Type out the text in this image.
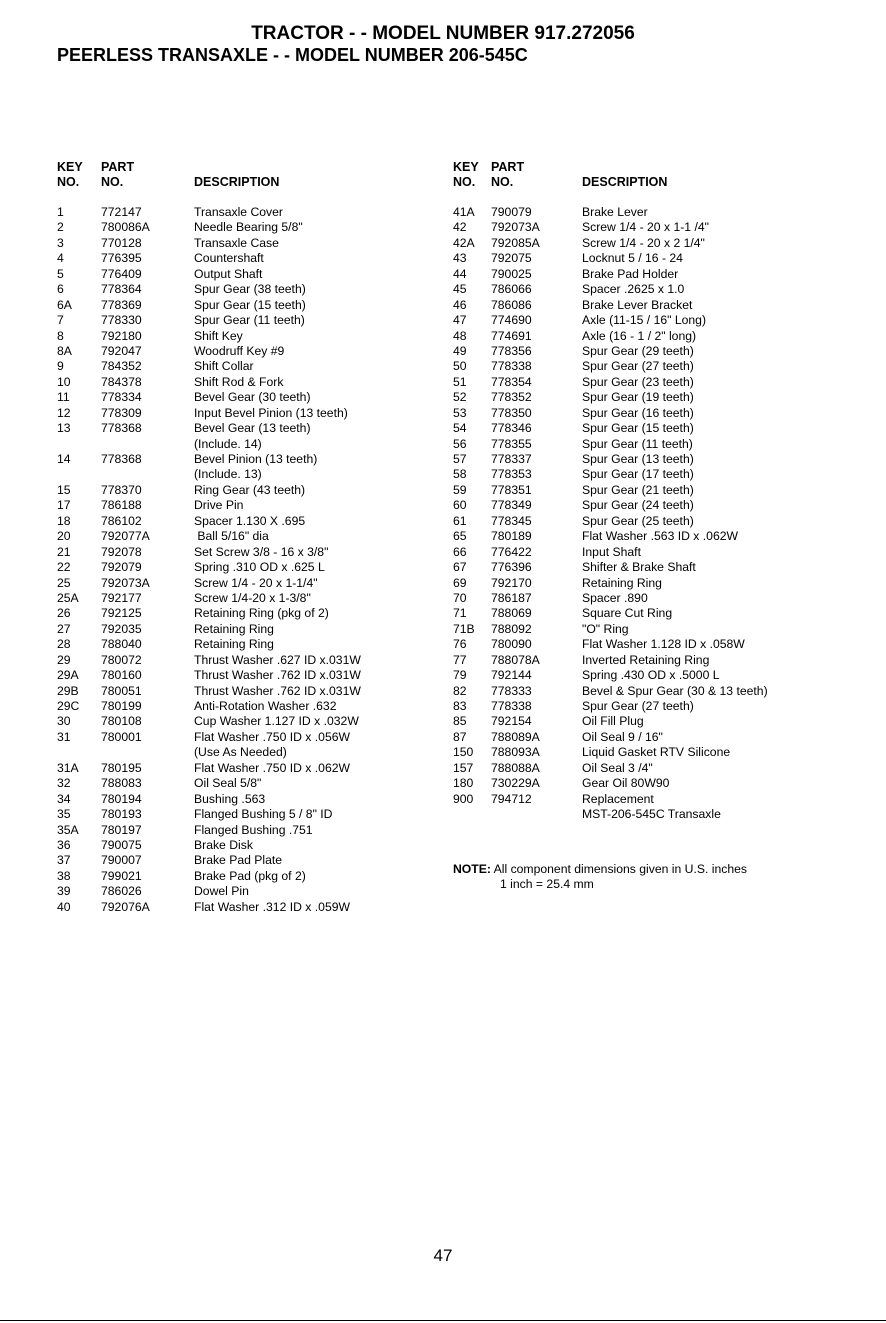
TRACTOR - - MODEL NUMBER 917.272056
PEERLESS TRANSAXLE - - MODEL NUMBER 206-545C
KEY
NO.
PART
NO.	DESCRIPTION
KEY
NO.
PART
NO.	DESCRIPTION
1	772147	Transaxle Cover
2	780086A	Needle Bearing 5/8"
3	770128	Transaxle Case
4	776395	Countershaft
5	776409	Output Shaft
6	778364	Spur Gear (38 teeth)
6A 778369	Spur Gear (15 teeth)
7	778330	Spur Gear (11 teeth)
8	792180	Shift Key
8A 792047	Woodruff Key #9
9	784352	Shift Collar
10 784378	Shift Rod & Fork
11	778334	Bevel Gear (30 teeth)
12 778309	Input Bevel Pinion (13 teeth)
13 778368	Bevel Gear (13 teeth)
(Include. 14)
14 778368	Bevel Pinion (13 teeth)
(Include. 13)
15 778370	Ring Gear (43 teeth)
17 786188	Drive Pin
18 786102	Spacer 1.130 X .695
20 792077A	Ball 5/16" dia
21 792078	Set Screw 3/8 - 16 x 3/8"
22 792079	Spring .310 OD x .625 L
25 792073A	Screw 1/4 - 20 x 1-1/4"
25A 792177	Screw 1/4-20 x 1-3/8"
26 792125	Retaining Ring (pkg of 2)
27 792035	Retaining Ring
28 788040	Retaining Ring
29 780072	Thrust Washer .627 ID x.031W
29A 780160	Thrust Washer .762 ID x.031W
29B 780051	Thrust Washer .762 ID x.031W
29C 780199	Anti-Rotation Washer .632
30 780108	Cup Washer 1.127 ID x .032W
31 780001	Flat Washer .750 ID x .056W
(Use As Needed)
31A 780195	Flat Washer .750 ID x .062W
32 788083	Oil Seal 5/8"
34 780194	Bushing .563
35 780193	Flanged Bushing 5 / 8" ID
35A 780197	Flanged Bushing .751
36 790075	Brake Disk
37 790007	Brake Pad Plate
38 799021	Brake Pad (pkg of 2)
39 786026	Dowel Pin
40 792076A	Flat Washer .312 ID x .059W
41A 790079	Brake Lever
42 792073A	Screw 1/4 - 20 x 1-1 /4"
42A 792085A	Screw 1/4 - 20 x 2 1/4"
43 792075	Locknut 5 / 16 - 24
44 790025	Brake Pad Holder
45 786066	Spacer .2625 x 1.0
46 786086	Brake Lever Bracket
47 774690	Axle (11-15 / 16" Long)
48 774691	Axle (16 - 1 / 2" long)
49 778356	Spur Gear (29 teeth)
50 778338	Spur Gear (27 teeth)
51 778354	Spur Gear (23 teeth)
52 778352	Spur Gear (19 teeth)
53 778350	Spur Gear (16 teeth)
54 778346	Spur Gear (15 teeth)
56 778355	Spur Gear (11 teeth)
57 778337	Spur Gear (13 teeth)
58 778353	Spur Gear (17 teeth)
59 778351	Spur Gear (21 teeth)
60 778349	Spur Gear (24 teeth)
61 778345	Spur Gear (25 teeth)
65 780189	Flat Washer .563 ID x .062W
66 776422	Input Shaft
67 776396	Shifter & Brake Shaft
69 792170	Retaining Ring
70 786187	Spacer .890
71 788069	Square Cut Ring
71B 788092	"O" Ring
76 780090	Flat Washer 1.128 ID x .058W
77 788078A	Inverted Retaining Ring
79 792144	Spring .430 OD x .5000 L
82 778333	Bevel & Spur Gear (30 & 13 teeth)
83 778338	Spur Gear (27 teeth)
85 792154	Oil Fill Plug
87 788089A	Oil Seal 9 / 16"
150 788093A	Liquid Gasket RTV Silicone
157 788088A	Oil Seal 3 /4"
180 730229A	Gear Oil 80W90
900 794712	Replacement
MST-206-545C Transaxle
NOTE: All component dimensions given in U.S. inches
1 inch = 25.4 mm
47
